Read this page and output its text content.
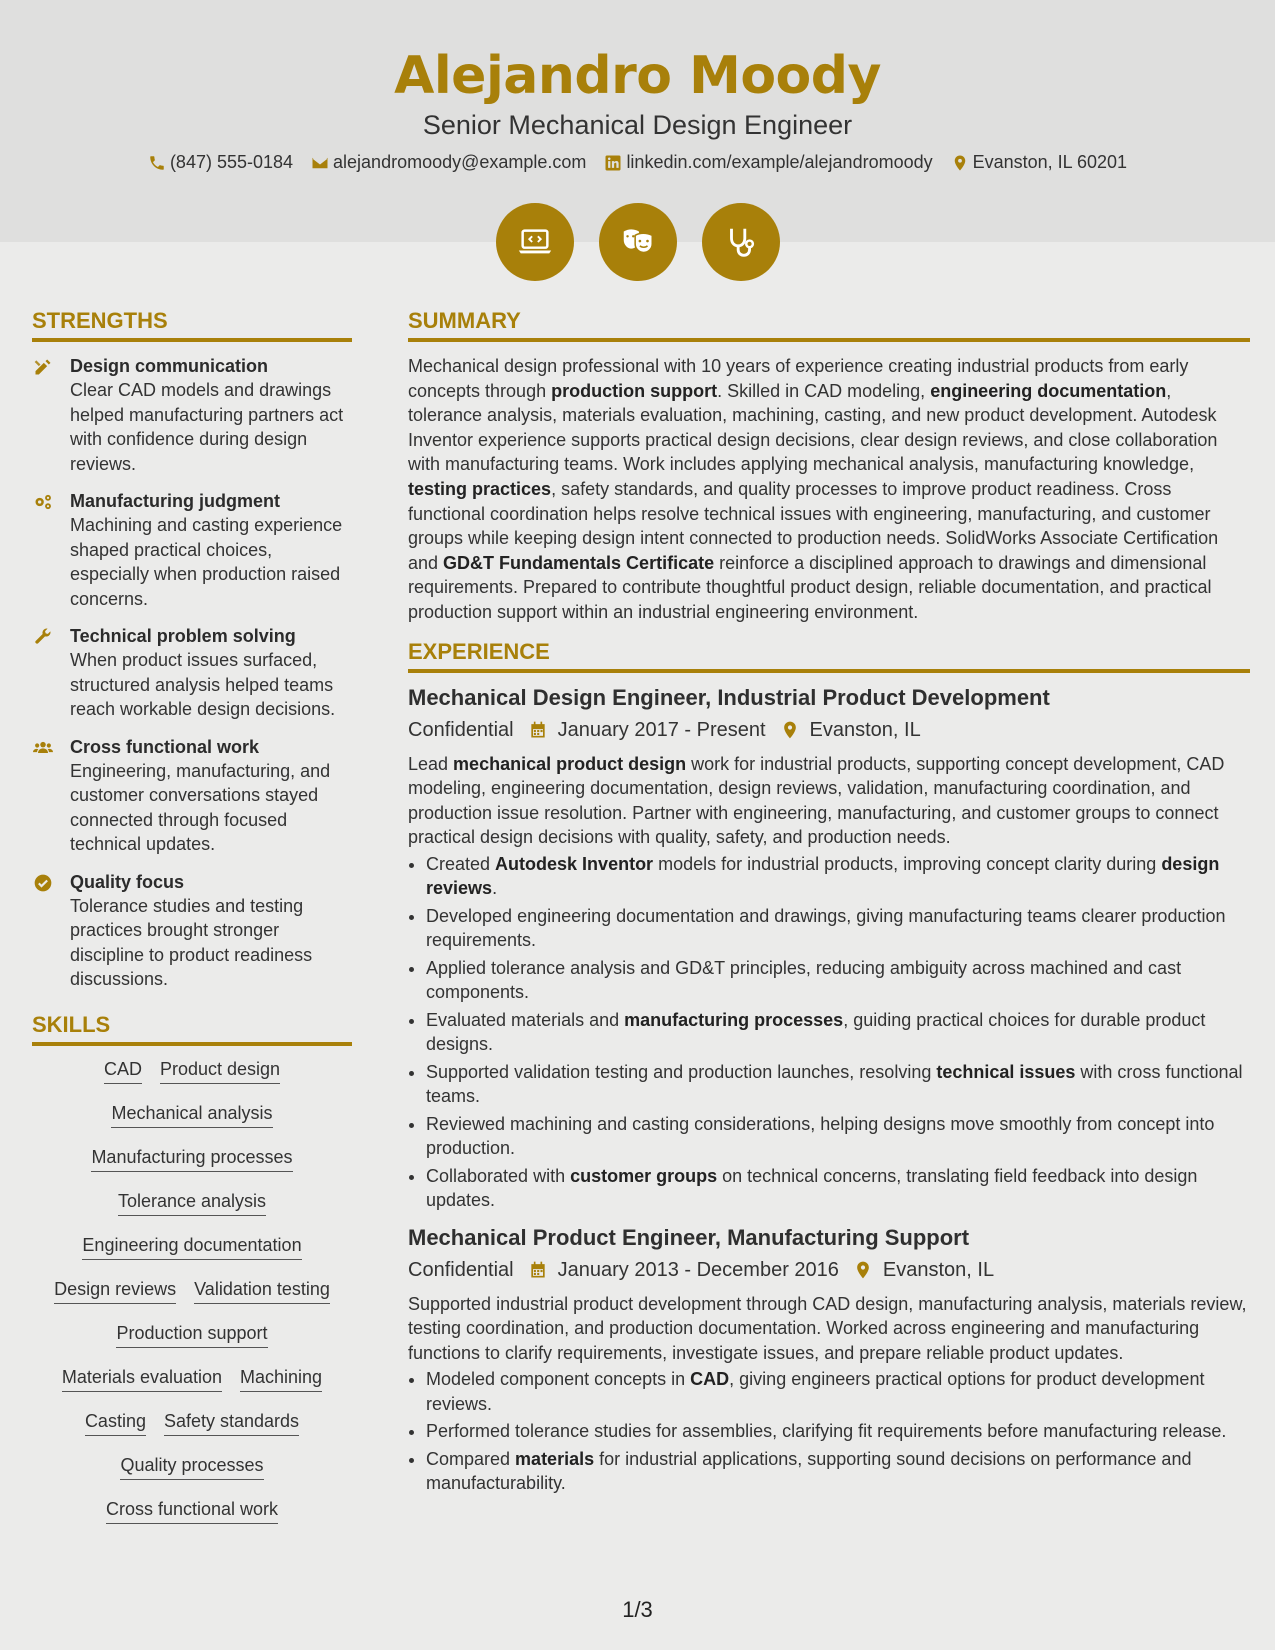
Alejandro Moody
Senior Mechanical Design Engineer
(847) 555-0184 alejandromoody@example.com linkedin.com/example/alejandromoody Evanston, IL 60201
STRENGTHS
Design communication
Clear CAD models and drawings helped manufacturing partners act with confidence during design reviews.
Manufacturing judgment
Machining and casting experience shaped practical choices, especially when production raised concerns.
Technical problem solving
When product issues surfaced, structured analysis helped teams reach workable design decisions.
Cross functional work
Engineering, manufacturing, and customer conversations stayed connected through focused technical updates.
Quality focus
Tolerance studies and testing practices brought stronger discipline to product readiness discussions.
SKILLS
CAD Product design
Mechanical analysis
Manufacturing processes
Tolerance analysis
Engineering documentation
Design reviews Validation testing
Production support
Materials evaluation Machining
Casting Safety standards
Quality processes
Cross functional work
SUMMARY

Mechanical design professional with 10 years of experience creating industrial products from early concepts through production support. Skilled in CAD modeling, engineering documentation, tolerance analysis, materials evaluation, machining, casting, and new product development. Autodesk Inventor experience supports practical design decisions, clear design reviews, and close collaboration with manufacturing teams. Work includes applying mechanical analysis, manufacturing knowledge, testing practices, safety standards, and quality processes to improve product readiness. Cross functional coordination helps resolve technical issues with engineering, manufacturing, and customer groups while keeping design intent connected to production needs. SolidWorks Associate Certification and GD&T Fundamentals Certificate reinforce a disciplined approach to drawings and dimensional requirements. Prepared to contribute thoughtful product design, reliable documentation, and practical production support within an industrial engineering environment.

EXPERIENCE
Mechanical Design Engineer, Industrial Product Development
Confidential January 2017 - Present Evanston, IL

Lead mechanical product design work for industrial products, supporting concept development, CAD modeling, engineering documentation, design reviews, validation, manufacturing coordination, and production issue resolution. Partner with engineering, manufacturing, and customer groups to connect practical design decisions with quality, safety, and production needs.

• Created Autodesk Inventor models for industrial products, improving concept clarity during design reviews.
• Developed engineering documentation and drawings, giving manufacturing teams clearer production requirements.
• Applied tolerance analysis and GD&T principles, reducing ambiguity across machined and cast components.
• Evaluated materials and manufacturing processes, guiding practical choices for durable product designs.
• Supported validation testing and production launches, resolving technical issues with cross functional teams.
• Reviewed machining and casting considerations, helping designs move smoothly from concept into production.
• Collaborated with customer groups on technical concerns, translating field feedback into design updates.
Mechanical Product Engineer, Manufacturing Support
Confidential January 2013 - December 2016 Evanston, IL

Supported industrial product development through CAD design, manufacturing analysis, materials review, testing coordination, and production documentation. Worked across engineering and manufacturing functions to clarify requirements, investigate issues, and prepare reliable product updates.

• Modeled component concepts in CAD, giving engineers practical options for product development reviews.
• Performed tolerance studies for assemblies, clarifying fit requirements before manufacturing release.
• Compared materials for industrial applications, supporting sound decisions on performance and manufacturability.
1/3
